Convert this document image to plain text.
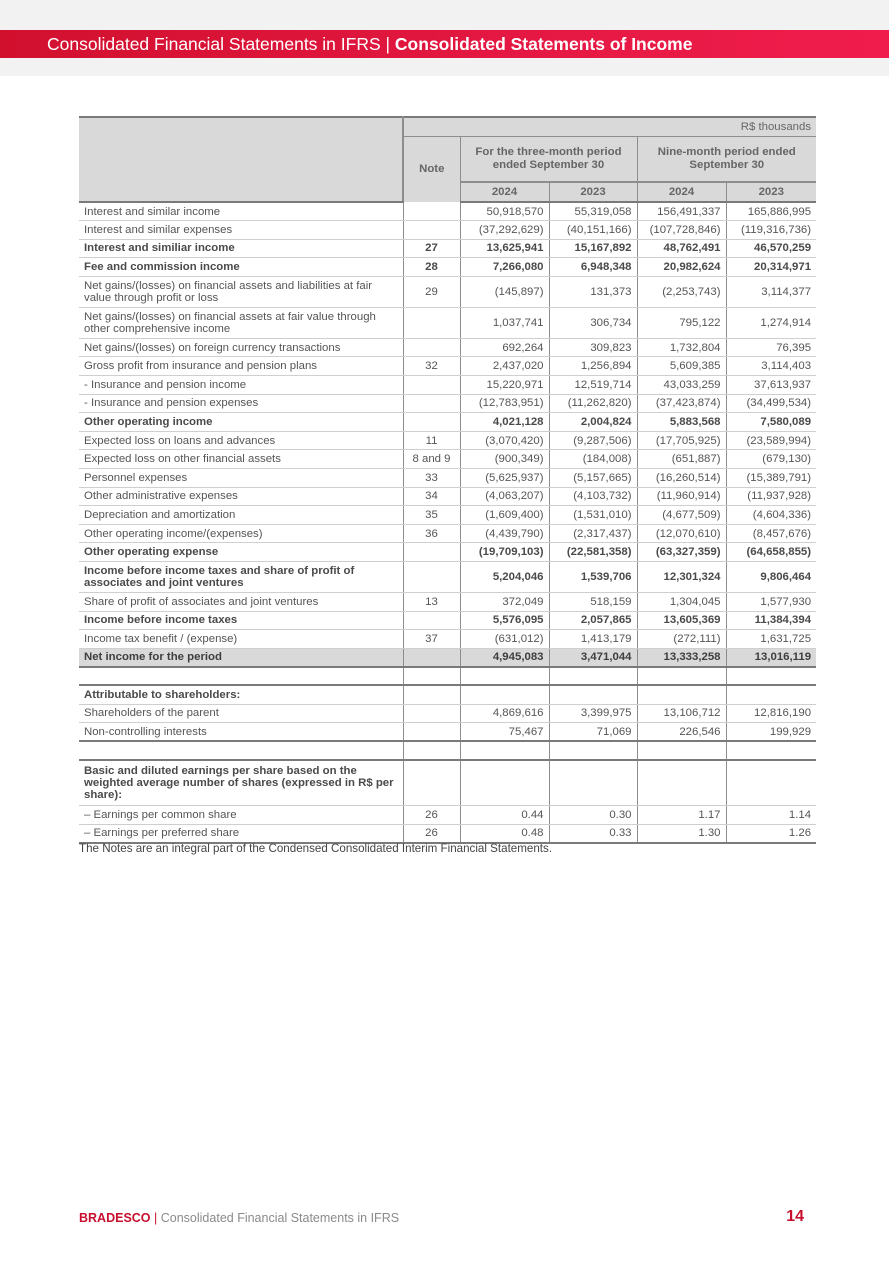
Consolidated Financial Statements in IFRS | Consolidated Statements of Income
	R$ thousands				
	Note	For the three-month period ended September 30		Nine-month period ended September 30	
		2024	2023	2024	2023
Interest and similar income		50,918,570	55,319,058	156,491,337	165,886,995
Interest and similar expenses		(37,292,629)	(40,151,166)	(107,728,846)	(119,316,736)
Interest and similiar income	27	13,625,941	15,167,892	48,762,491	46,570,259
Fee and commission income	28	7,266,080	6,948,348	20,982,624	20,314,971
Net gains/(losses) on financial assets and liabilities at fair value through profit or loss	29	(145,897)	131,373	(2,253,743)	3,114,377
Net gains/(losses) on financial assets at fair value through other comprehensive income		1,037,741	306,734	795,122	1,274,914
Net gains/(losses) on foreign currency transactions		692,264	309,823	1,732,804	76,395
Gross profit from insurance and pension plans	32	2,437,020	1,256,894	5,609,385	3,114,403
- Insurance and pension income		15,220,971	12,519,714	43,033,259	37,613,937
- Insurance and pension expenses		(12,783,951)	(11,262,820)	(37,423,874)	(34,499,534)
Other operating income		4,021,128	2,004,824	5,883,568	7,580,089
Expected loss on loans and advances	11	(3,070,420)	(9,287,506)	(17,705,925)	(23,589,994)
Expected loss on other financial assets	8 and 9	(900,349)	(184,008)	(651,887)	(679,130)
Personnel expenses	33	(5,625,937)	(5,157,665)	(16,260,514)	(15,389,791)
Other administrative expenses	34	(4,063,207)	(4,103,732)	(11,960,914)	(11,937,928)
Depreciation and amortization	35	(1,609,400)	(1,531,010)	(4,677,509)	(4,604,336)
Other operating income/(expenses)	36	(4,439,790)	(2,317,437)	(12,070,610)	(8,457,676)
Other operating expense		(19,709,103)	(22,581,358)	(63,327,359)	(64,658,855)
Income before income taxes and share of profit of associates and joint ventures		5,204,046	1,539,706	12,301,324	9,806,464
Share of profit of associates and joint ventures	13	372,049	518,159	1,304,045	1,577,930
Income before income taxes		5,576,095	2,057,865	13,605,369	11,384,394
Income tax benefit / (expense)	37	(631,012)	1,413,179	(272,111)	1,631,725
Net income for the period		4,945,083	3,471,044	13,333,258	13,016,119

Attributable to shareholders:					
Shareholders of the parent		4,869,616	3,399,975	13,106,712	12,816,190
Non-controlling interests		75,467	71,069	226,546	199,929

Basic and diluted earnings per share based on the weighted average number of shares (expressed in R$ per share):					
– Earnings per common share	26	0.44	0.30	1.17	1.14
– Earnings per preferred share	26	0.48	0.33	1.30	1.26
The Notes are an integral part of the Condensed Consolidated Interim Financial Statements.
BRADESCO | Consolidated Financial Statements in IFRS	14
